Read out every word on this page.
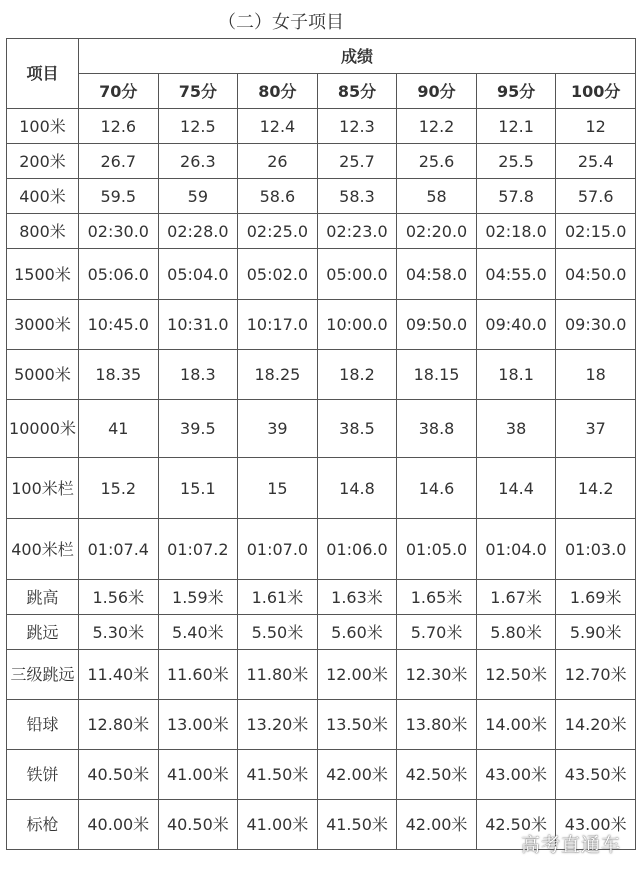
（二）女子项目
项目	成绩						
	70分	75分	80分	85分	90分	95分	100分
100米	12.6	12.5	12.4	12.3	12.2	12.1	12
200米	26.7	26.3	26	25.7	25.6	25.5	25.4
400米	59.5	59	58.6	58.3	58	57.8	57.6
800米	02:30.0	02:28.0	02:25.0	02:23.0	02:20.0	02:18.0	02:15.0
1500米	05:06.0	05:04.0	05:02.0	05:00.0	04:58.0	04:55.0	04:50.0
3000米	10:45.0	10:31.0	10:17.0	10:00.0	09:50.0	09:40.0	09:30.0
5000米	18.35	18.3	18.25	18.2	18.15	18.1	18
10000米	41	39.5	39	38.5	38.8	38	37
100米栏	15.2	15.1	15	14.8	14.6	14.4	14.2
400米栏	01:07.4	01:07.2	01:07.0	01:06.0	01:05.0	01:04.0	01:03.0
跳高	1.56米	1.59米	1.61米	1.63米	1.65米	1.67米	1.69米
跳远	5.30米	5.40米	5.50米	5.60米	5.70米	5.80米	5.90米
三级跳远	11.40米	11.60米	11.80米	12.00米	12.30米	12.50米	12.70米
铅球	12.80米	13.00米	13.20米	13.50米	13.80米	14.00米	14.20米
铁饼	40.50米	41.00米	41.50米	42.00米	42.50米	43.00米	43.50米
标枪	40.00米	40.50米	41.00米	41.50米	42.00米	42.50米	43.00米
高考直通车
